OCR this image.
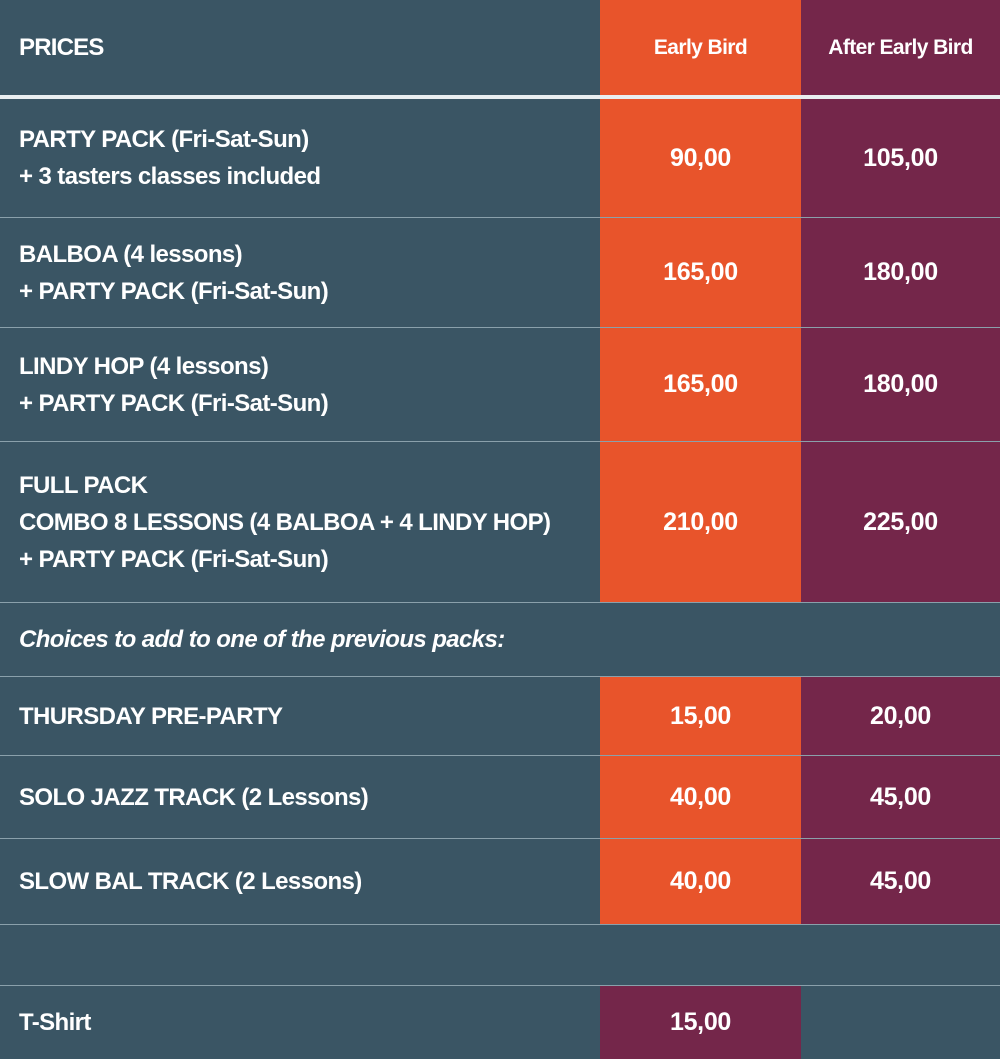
PRICES	Early Bird	After Early Bird
PARTY PACK (Fri-Sat-Sun)
+ 3 tasters classes included
90,00	105,00
BALBOA (4 lessons)
+ PARTY PACK (Fri-Sat-Sun)
165,00	180,00
LINDY HOP (4 lessons)
+ PARTY PACK (Fri-Sat-Sun)
165,00	180,00
FULL PACK
COMBO 8 LESSONS (4 BALBOA + 4 LINDY HOP)
+ PARTY PACK (Fri-Sat-Sun)
210,00	225,00
Choices to add to one of the previous packs:
THURSDAY PRE-PARTY	15,00	20,00
SOLO JAZZ TRACK (2 Lessons)	40,00	45,00
SLOW BAL TRACK (2 Lessons)	40,00	45,00
T-Shirt	15,00
